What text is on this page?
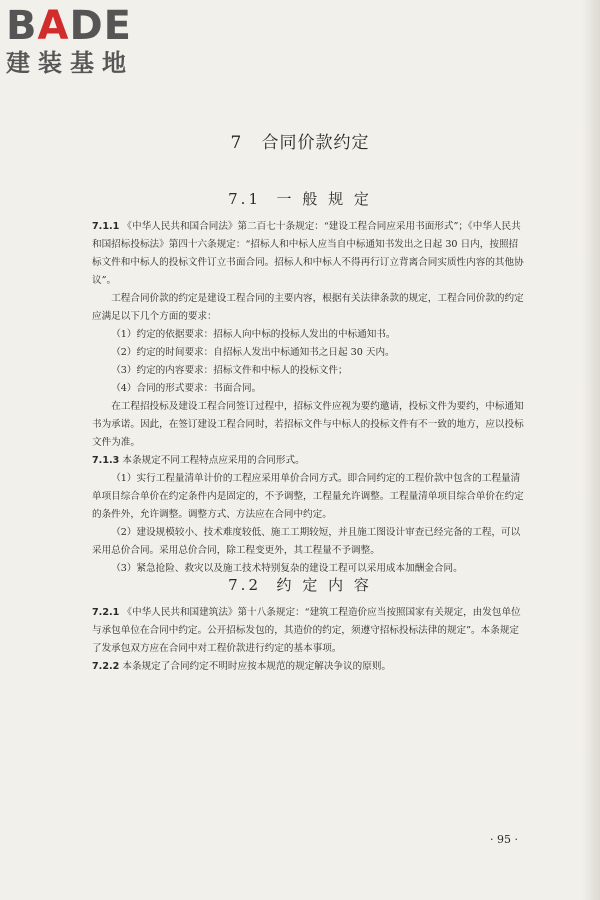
BADE
建装基地
7 合同价款约定
7.1 一 般 规 定

7.1.1 《中华人民共和国合同法》第二百七十条规定：“建设工程合同应采用书面形式”；《中华人民共和国招标投标法》第四十六条规定：“招标人和中标人应当自中标通知书发出之日起 30 日内，按照招标文件和中标人的投标文件订立书面合同。招标人和中标人不得再行订立背离合同实质性内容的其他协议”。

工程合同价款的约定是建设工程合同的主要内容，根据有关法律条款的规定，工程合同价款的约定应满足以下几个方面的要求：

（1）约定的依据要求：招标人向中标的投标人发出的中标通知书。

（2）约定的时间要求：自招标人发出中标通知书之日起 30 天内。

（3）约定的内容要求：招标文件和中标人的投标文件；

（4）合同的形式要求：书面合同。

在工程招投标及建设工程合同签订过程中，招标文件应视为要约邀请，投标文件为要约，中标通知书为承诺。因此，在签订建设工程合同时，若招标文件与中标人的投标文件有不一致的地方，应以投标文件为准。

7.1.3 本条规定不同工程特点应采用的合同形式。

（1）实行工程量清单计价的工程应采用单价合同方式。即合同约定的工程价款中包含的工程量清单项目综合单价在约定条件内是固定的，不予调整，工程量允许调整。工程量清单项目综合单价在约定的条件外，允许调整。调整方式、方法应在合同中约定。

（2）建设规模较小、技术难度较低、施工工期较短，并且施工图设计审查已经完备的工程，可以采用总价合同。采用总价合同，除工程变更外，其工程量不予调整。

（3）紧急抢险、救灾以及施工技术特别复杂的建设工程可以采用成本加酬金合同。

7.2 约 定 内 容

7.2.1 《中华人民共和国建筑法》第十八条规定：“建筑工程造价应当按照国家有关规定，由发包单位与承包单位在合同中约定。公开招标发包的，其造价的约定，须遵守招标投标法律的规定”。本条规定了发承包双方应在合同中对工程价款进行约定的基本事项。

7.2.2 本条规定了合同约定不明时应按本规范的规定解决争议的原则。

· 95 ·
